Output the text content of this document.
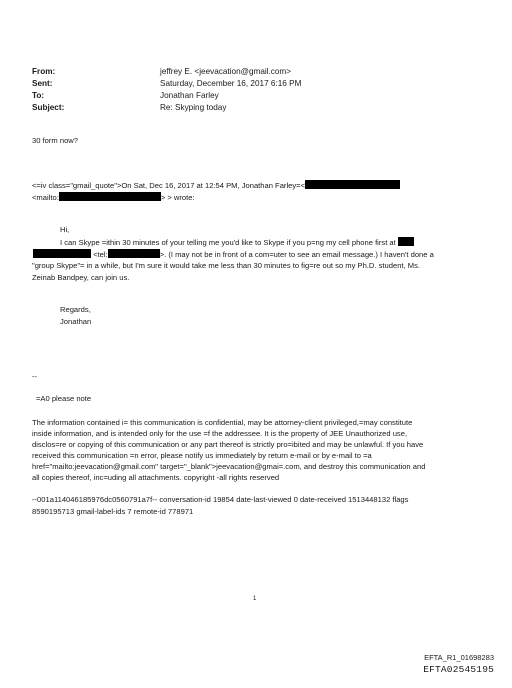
From:	jeffrey E. <jeevacation@gmail.com>
Sent:	Saturday, December 16, 2017 6:16 PM
To:	Jonathan Farley
Subject:	Re: Skyping today
30 form now?
<=iv class="gmail_quote">On Sat, Dec 16, 2017 at 12:54 PM, Jonathan Farley=<
<mailto:	> > wrote:
Hi,
I can Skype =ithin 30 minutes of your telling me you'd like to Skype if you p=ng my cell phone first at
<tel:	>. (I may not be in front of a com=uter to see an email message.) I haven't done a
"group Skype"= in a while, but I'm sure it would take me less than 30 minutes to fig=re out so my Ph.D. student, Ms.
Zeinab Bandpey, can join us.
Regards,
Jonathan
--
=A0 please note
The information contained i= this communication is confidential, may be attorney-client privileged,=may constitute
inside information, and is intended only for the use =f the addressee. It is the property of JEE Unauthorized use,
disclos=re or copying of this communication or any part thereof is strictly pro=ibited and may be unlawful. If you have
received this communication =n error, please notify us immediately by return e-mail or by e-mail to =a
href="mailto:jeevacation@gmail.com" target="_blank">jeevacation@gmai=.com, and destroy this communication and
all copies thereof, inc=uding all attachments. copyright -all rights reserved
--001a114046185976dc0560791a7f-- conversation-id 19854 date-last-viewed 0 date-received 1513448132 flags
8590195713 gmail-label-ids 7 remote-id 778971
1
EFTA_R1_01698283
EFTA02545195
